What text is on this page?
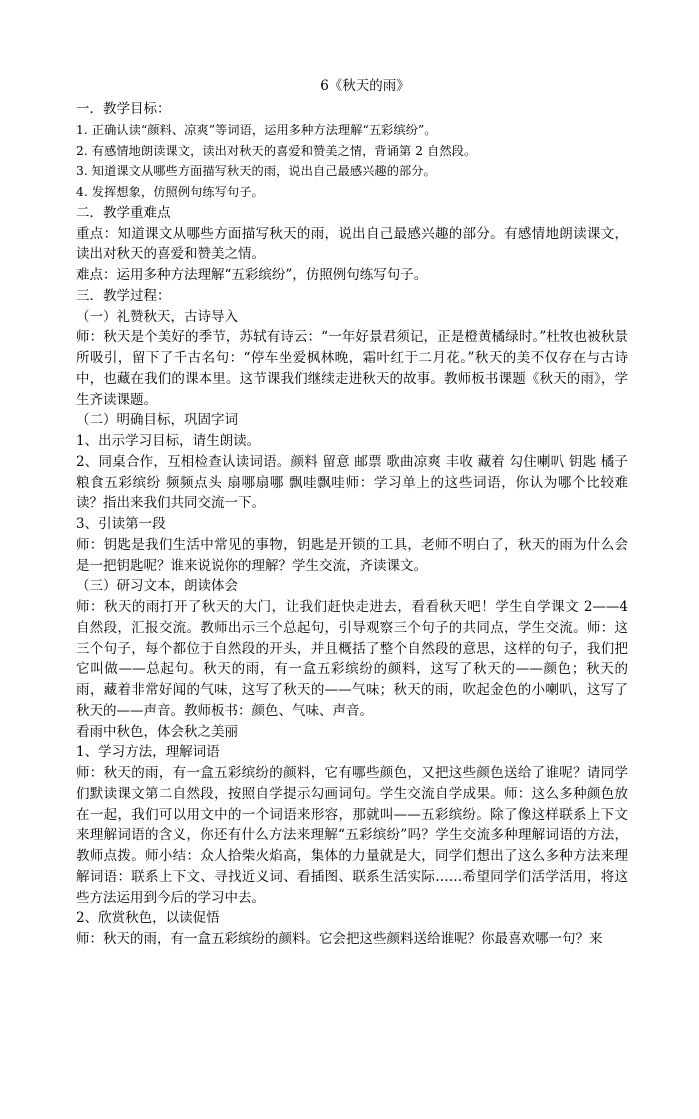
6《秋天的雨》
一．教学目标：
1. 正确认读“颜料、凉爽”等词语，运用多种方法理解“五彩缤纷”。
2. 有感情地朗读课文，读出对秋天的喜爱和赞美之情，背诵第 2 自然段。
3. 知道课文从哪些方面描写秋天的雨，说出自己最感兴趣的部分。
4. 发挥想象，仿照例句练写句子。
二．教学重难点
重点：知道课文从哪些方面描写秋天的雨，说出自己最感兴趣的部分。有感情地朗读课文，读出对秋天的喜爱和赞美之情。
难点：运用多种方法理解“五彩缤纷”，仿照例句练写句子。
三．教学过程：
（一）礼赞秋天，古诗导入
师：秋天是个美好的季节，苏轼有诗云：“一年好景君须记，正是橙黄橘绿时。”杜牧也被秋景所吸引，留下了千古名句：“停车坐爱枫林晚，霜叶红于二月花。”秋天的美不仅存在与古诗中，也藏在我们的课本里。这节课我们继续走进秋天的故事。教师板书课题《秋天的雨》，学生齐读课题。
（二）明确目标，巩固字词
1、出示学习目标，请生朗读。
2、同桌合作，互相检查认读词语。颜料 留意 邮票 歌曲凉爽 丰收 藏着 勾住喇叭 钥匙 橘子 粮食五彩缤纷 频频点头 扇哪扇哪 飘哇飘哇师：学习单上的这些词语，你认为哪个比较难读？指出来我们共同交流一下。
3、引读第一段
师：钥匙是我们生活中常见的事物，钥匙是开锁的工具，老师不明白了，秋天的雨为什么会是一把钥匙呢？谁来说说你的理解？学生交流，齐读课文。
（三）研习文本，朗读体会
师：秋天的雨打开了秋天的大门，让我们赶快走进去，看看秋天吧！学生自学课文 2——4 自然段，汇报交流。教师出示三个总起句，引导观察三个句子的共同点，学生交流。师：这三个句子，每个都位于自然段的开头，并且概括了整个自然段的意思，这样的句子，我们把它叫做——总起句。秋天的雨，有一盒五彩缤纷的颜料，这写了秋天的——颜色；秋天的雨，藏着非常好闻的气味，这写了秋天的——气味；秋天的雨，吹起金色的小喇叭，这写了秋天的——声音。教师板书：颜色、气味、声音。
看雨中秋色，体会秋之美丽
1、学习方法，理解词语
师：秋天的雨，有一盒五彩缤纷的颜料，它有哪些颜色，又把这些颜色送给了谁呢？请同学们默读课文第二自然段，按照自学提示勾画词句。学生交流自学成果。师：这么多种颜色放在一起，我们可以用文中的一个词语来形容，那就叫——五彩缤纷。除了像这样联系上下文来理解词语的含义，你还有什么方法来理解“五彩缤纷”吗？学生交流多种理解词语的方法，教师点拨。师小结：众人拾柴火焰高，集体的力量就是大，同学们想出了这么多种方法来理解词语：联系上下文、寻找近义词、看插图、联系生活实际……希望同学们活学活用，将这些方法运用到今后的学习中去。
2、欣赏秋色，以读促悟
师：秋天的雨，有一盒五彩缤纷的颜料。它会把这些颜料送给谁呢？你最喜欢哪一句？来
